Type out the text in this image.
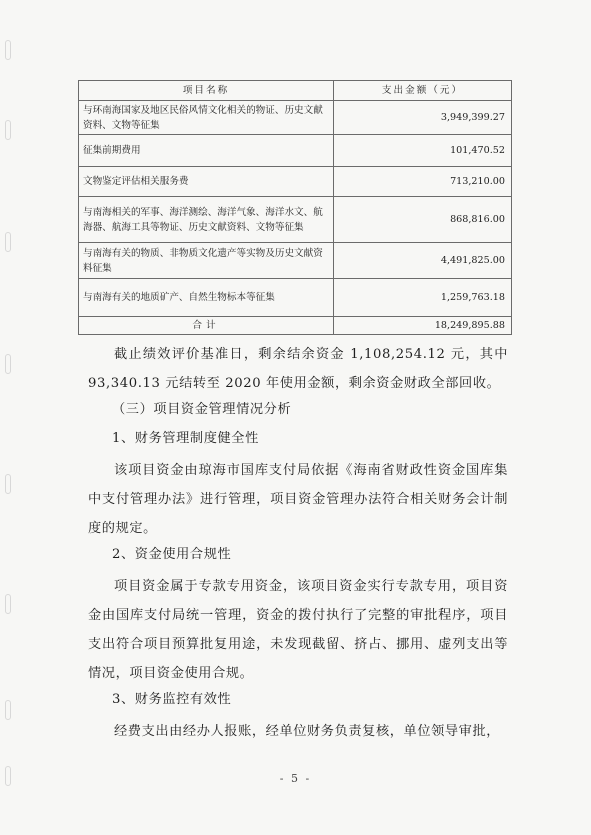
项目名称	支出金额（元）
与环南海国家及地区民俗风情文化相关的物证、历史文献资料、文物等征集	3,949,399.27
征集前期费用	101,470.52
文物鉴定评估相关服务费	713,210.00
与南海相关的军事、海洋测绘、海洋气象、海洋水文、航海器、航海工具等物证、历史文献资料、文物等征集	868,816.00
与南海有关的物质、非物质文化遗产等实物及历史文献资料征集	4,491,825.00
与南海有关的地质矿产、自然生物标本等征集	1,259,763.18
合计	18,249,895.88

截止绩效评价基准日，剩余结余资金 1,108,254.12 元，其中 93,340.13 元结转至 2020 年使用金额，剩余资金财政全部回收。

（三）项目资金管理情况分析

1、财务管理制度健全性

该项目资金由琼海市国库支付局依据《海南省财政性资金国库集中支付管理办法》进行管理，项目资金管理办法符合相关财务会计制度的规定。

2、资金使用合规性

项目资金属于专款专用资金，该项目资金实行专款专用，项目资金由国库支付局统一管理，资金的拨付执行了完整的审批程序，项目支出符合项目预算批复用途，未发现截留、挤占、挪用、虚列支出等情况，项目资金使用合规。

3、财务监控有效性

经费支出由经办人报账，经单位财务负责复核，单位领导审批，

- 5 -
